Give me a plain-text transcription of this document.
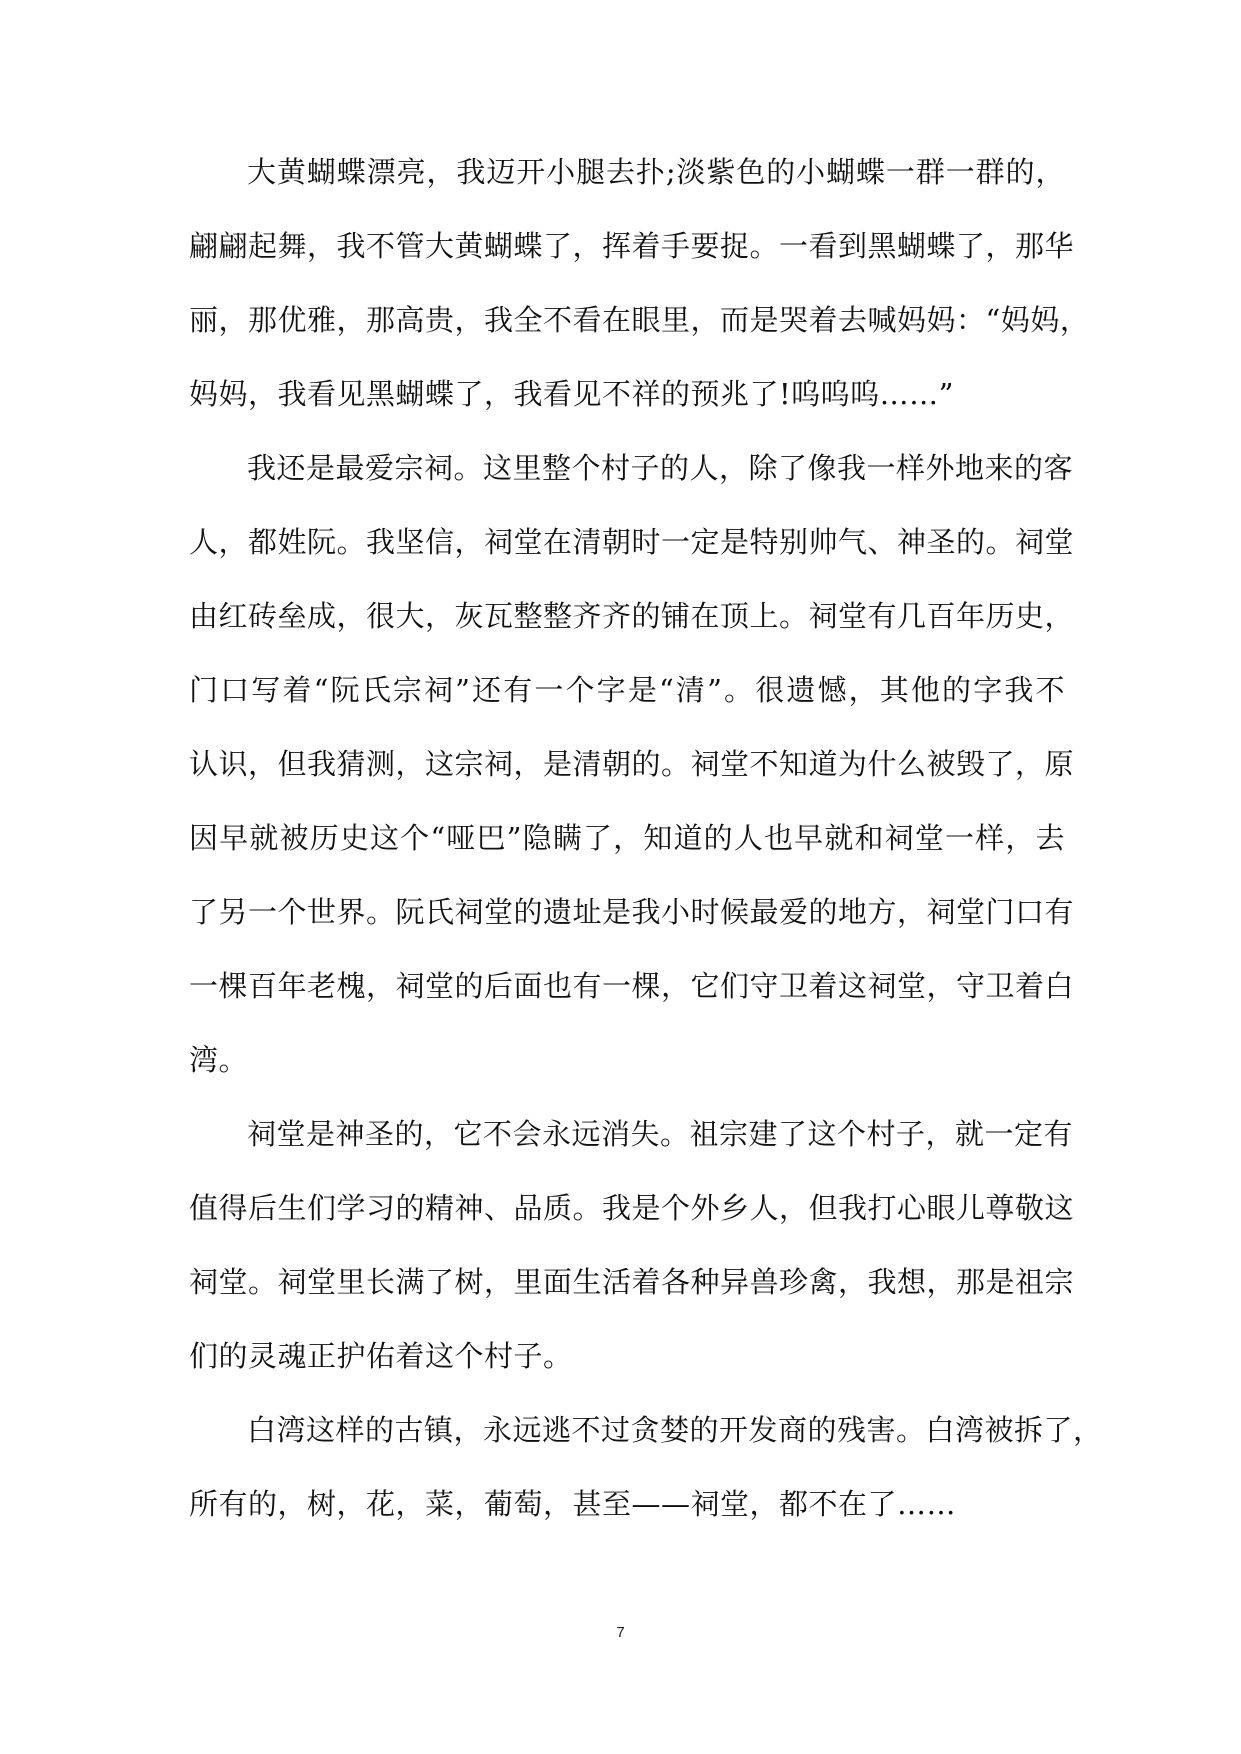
大黄蝴蝶漂亮，我迈开小腿去扑;淡紫色的小蝴蝶一群一群的，
翩翩起舞，我不管大黄蝴蝶了，挥着手要捉。一看到黑蝴蝶了，那华
丽，那优雅，那高贵，我全不看在眼里，而是哭着去喊妈妈：“妈妈，
妈妈，我看见黑蝴蝶了，我看见不祥的预兆了!呜呜呜……”
我还是最爱宗祠。这里整个村子的人，除了像我一样外地来的客
人，都姓阮。我坚信，祠堂在清朝时一定是特别帅气、神圣的。祠堂
由红砖垒成，很大，灰瓦整整齐齐的铺在顶上。祠堂有几百年历史，
门口写着“阮氏宗祠”还有一个字是“清”。很遗憾，其他的字我不
认识，但我猜测，这宗祠，是清朝的。祠堂不知道为什么被毁了，原
因早就被历史这个“哑巴”隐瞒了，知道的人也早就和祠堂一样，去
了另一个世界。阮氏祠堂的遗址是我小时候最爱的地方，祠堂门口有
一棵百年老槐，祠堂的后面也有一棵，它们守卫着这祠堂，守卫着白
湾。
祠堂是神圣的，它不会永远消失。祖宗建了这个村子，就一定有
值得后生们学习的精神、品质。我是个外乡人，但我打心眼儿尊敬这
祠堂。祠堂里长满了树，里面生活着各种异兽珍禽，我想，那是祖宗
们的灵魂正护佑着这个村子。
白湾这样的古镇，永远逃不过贪婪的开发商的残害。白湾被拆了，
所有的，树，花，菜，葡萄，甚至——祠堂，都不在了……
7
